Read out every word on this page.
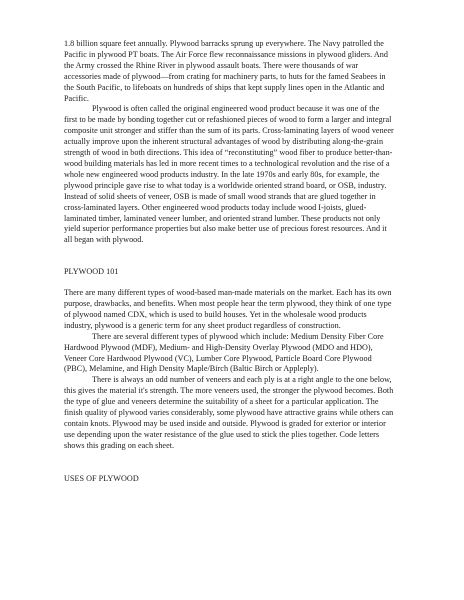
1.8 billion square feet annually. Plywood barracks sprung up everywhere. The Navy patrolled the Pacific in plywood PT boats. The Air Force flew reconnaissance missions in plywood gliders. And the Army crossed the Rhine River in plywood assault boats. There were thousands of war accessories made of plywood—from crating for machinery parts, to huts for the famed Seabees in the South Pacific, to lifeboats on hundreds of ships that kept supply lines open in the Atlantic and Pacific.

Plywood is often called the original engineered wood product because it was one of the first to be made by bonding together cut or refashioned pieces of wood to form a larger and integral composite unit stronger and stiffer than the sum of its parts. Cross-laminating layers of wood veneer actually improve upon the inherent structural advantages of wood by distributing along-the-grain strength of wood in both directions. This idea of “reconstituting” wood fiber to produce better-than-wood building materials has led in more recent times to a technological revolution and the rise of a whole new engineered wood products industry. In the late 1970s and early 80s, for example, the plywood principle gave rise to what today is a worldwide oriented strand board, or OSB, industry. Instead of solid sheets of veneer, OSB is made of small wood strands that are glued together in cross-laminated layers. Other engineered wood products today include wood I-joists, glued-laminated timber, laminated veneer lumber, and oriented strand lumber. These products not only yield superior performance properties but also make better use of precious forest resources. And it all began with plywood.

PLYWOOD 101

There are many different types of wood-based man-made materials on the market. Each has its own purpose, drawbacks, and benefits. When most people hear the term plywood, they think of one type of plywood named CDX, which is used to build houses. Yet in the wholesale wood products industry, plywood is a generic term for any sheet product regardless of construction.

There are several different types of plywood which include: Medium Density Fiber Core Hardwood Plywood (MDF), Medium- and High-Density Overlay Plywood (MDO and HDO), Veneer Core Hardwood Plywood (VC), Lumber Core Plywood, Particle Board Core Plywood (PBC), Melamine, and High Density Maple/Birch (Baltic Birch or Appleply).

There is always an odd number of veneers and each ply is at a right angle to the one below, this gives the material it's strength. The more veneers used, the stronger the plywood becomes. Both the type of glue and veneers determine the suitability of a sheet for a particular application. The finish quality of plywood varies considerably, some plywood have attractive grains while others can contain knots. Plywood may be used inside and outside. Plywood is graded for exterior or interior use depending upon the water resistance of the glue used to stick the plies together. Code letters shows this grading on each sheet.

USES OF PLYWOOD
